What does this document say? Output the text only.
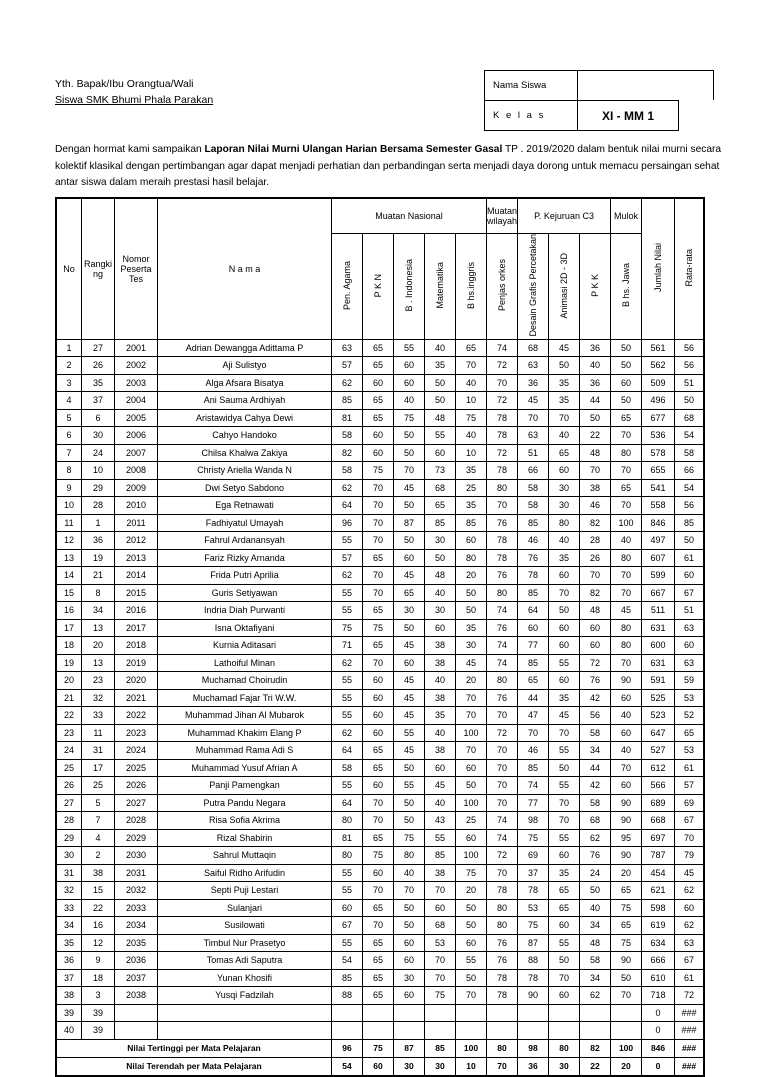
Yth. Bapak/Ibu Orangtua/Wali
Siswa SMK Bhumi Phala Parakan
Nama Siswa
K e l a s	XI - MM 1
Dengan hormat kami sampaikan Laporan Nilai Murni Ulangan Harian Bersama Semester Gasal TP . 2019/2020 dalam bentuk nilai murni secara kolektif klasikal dengan pertimbangan agar dapat menjadi perhatian dan perbandingan serta menjadi daya dorong untuk memacu persaingan sehat antar siswa dalam meraih prestasi hasil belajar.
No	Rangki ng	Nomor Peserta Tes	N a m a	Muatan Nasional					Muatan wilayah	P. Kejuruan C3			Mulok	Jumlah Nilai	Rata-rata
				Pen. Agama	P K N	B . Indonesia	Matematika	B hs.inggris	Penjas orkes	Desain Grafis Percetakan	Animasi 2D - 3D	P K K	B hs. Jawa		
1	27	2001	Adrian Dewangga Adittama P	63	65	55	40	65	74	68	45	36	50	561	56
2	26	2002	Aji Sulistyo	57	65	60	35	70	72	63	50	40	50	562	56
3	35	2003	Alga Afsara Bisatya	62	60	60	50	40	70	36	35	36	60	509	51
4	37	2004	Ani Sauma Ardhiyah	85	65	40	50	10	72	45	35	44	50	496	50
5	6	2005	Aristawidya Cahya Dewi	81	65	75	48	75	78	70	70	50	65	677	68
6	30	2006	Cahyo Handoko	58	60	50	55	40	78	63	40	22	70	536	54
7	24	2007	Chilsa Khalwa Zakiya	82	60	50	60	10	72	51	65	48	80	578	58
8	10	2008	Christy Ariella Wanda N	58	75	70	73	35	78	66	60	70	70	655	66
9	29	2009	Dwi Setyo Sabdono	62	70	45	68	25	80	58	30	38	65	541	54
10	28	2010	Ega Retnawati	64	70	50	65	35	70	58	30	46	70	558	56
11	1	2011	Fadhiyatul Umayah	96	70	87	85	85	76	85	80	82	100	846	85
12	36	2012	Fahrul Ardanansyah	55	70	50	30	60	78	46	40	28	40	497	50
13	19	2013	Fariz Rizky Arnanda	57	65	60	50	80	78	76	35	26	80	607	61
14	21	2014	Frida Putri Aprilia	62	70	45	48	20	76	78	60	70	70	599	60
15	8	2015	Guris Setiyawan	55	70	65	40	50	80	85	70	82	70	667	67
16	34	2016	Indria Diah Purwanti	55	65	30	30	50	74	64	50	48	45	511	51
17	13	2017	Isna Oktafiyani	75	75	50	60	35	76	60	60	60	80	631	63
18	20	2018	Kurnia Aditasari	71	65	45	38	30	74	77	60	60	80	600	60
19	13	2019	Lathoiful Minan	62	70	60	38	45	74	85	55	72	70	631	63
20	23	2020	Muchamad Choirudin	55	60	45	40	20	80	65	60	76	90	591	59
21	32	2021	Muchamad Fajar Tri W.W.	55	60	45	38	70	76	44	35	42	60	525	53
22	33	2022	Muhammad Jihan Al Mubarok	55	60	45	35	70	70	47	45	56	40	523	52
23	11	2023	Muhammad Khakim Elang P	62	60	55	40	100	72	70	70	58	60	647	65
24	31	2024	Muhammad Rama Adi S	64	65	45	38	70	70	46	55	34	40	527	53
25	17	2025	Muhammad Yusuf Afrian A	58	65	50	60	60	70	85	50	44	70	612	61
26	25	2026	Panji Pamengkan	55	60	55	45	50	70	74	55	42	60	566	57
27	5	2027	Putra Pandu Negara	64	70	50	40	100	70	77	70	58	90	689	69
28	7	2028	Risa Sofia Akrima	80	70	50	43	25	74	98	70	68	90	668	67
29	4	2029	Rizal Shabirin	81	65	75	55	60	74	75	55	62	95	697	70
30	2	2030	Sahrul Muttaqin	80	75	80	85	100	72	69	60	76	90	787	79
31	38	2031	Saiful Ridho Arifudin	55	60	40	38	75	70	37	35	24	20	454	45
32	15	2032	Septi Puji Lestari	55	70	70	70	20	78	78	65	50	65	621	62
33	22	2033	Sulanjari	60	65	50	60	50	80	53	65	40	75	598	60
34	16	2034	Susilowati	67	70	50	68	50	80	75	60	34	65	619	62
35	12	2035	Timbul Nur Prasetyo	55	65	60	53	60	76	87	55	48	75	634	63
36	9	2036	Tomas Adi Saputra	54	65	60	70	55	76	88	50	58	90	666	67
37	18	2037	Yunan Khosifi	85	65	30	70	50	78	78	70	34	50	610	61
38	3	2038	Yusqi Fadzilah	88	65	60	75	70	78	90	60	62	70	718	72
39	39													0	###
40	39													0	###
Nilai Tertinggi per Mata Pelajaran				96	75	87	85	100	80	98	80	82	100	846	###
Nilai Terendah per Mata Pelajaran				54	60	30	30	10	70	36	30	22	20	0	###
